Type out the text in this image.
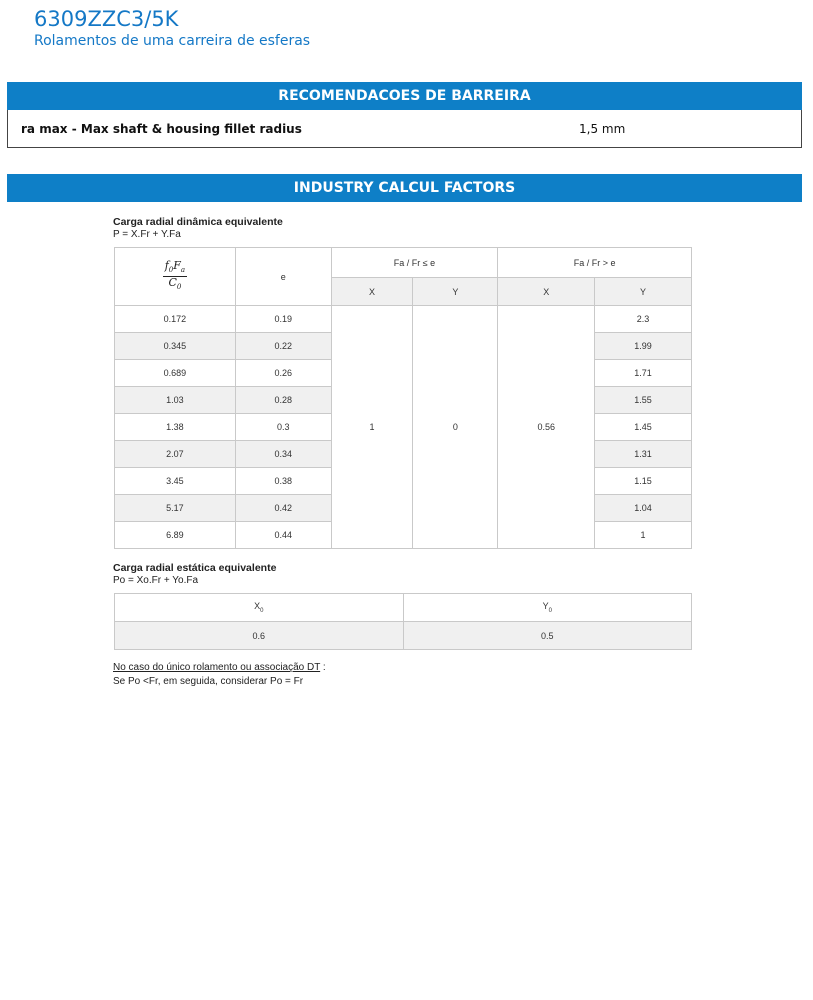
6309ZZC3/5K
Rolamentos de uma carreira de esferas
RECOMENDACOES DE BARREIRA
ra max - Max shaft & housing fillet radius	1,5 mm
INDUSTRY CALCUL FACTORS
Carga radial dinâmica equivalente
P = X.Fr + Y.Fa
$\frac{f_0F_a}{C_0}$	e	Fa / Fr ≤ e		Fa / Fr > e	
		X	Y	X	Y
0.172	0.19	1	0	0.56	2.3
0.345	0.22				1.99
0.689	0.26				1.71
1.03	0.28				1.55
1.38	0.3				1.45
2.07	0.34				1.31
3.45	0.38				1.15
5.17	0.42				1.04
6.89	0.44				1
Carga radial estática equivalente
Po = Xo.Fr + Yo.Fa
$X_0$	$Y_0$
0.6	0.5
No caso do único rolamento ou associação DT :
Se Po <Fr, em seguida, considerar Po = Fr
